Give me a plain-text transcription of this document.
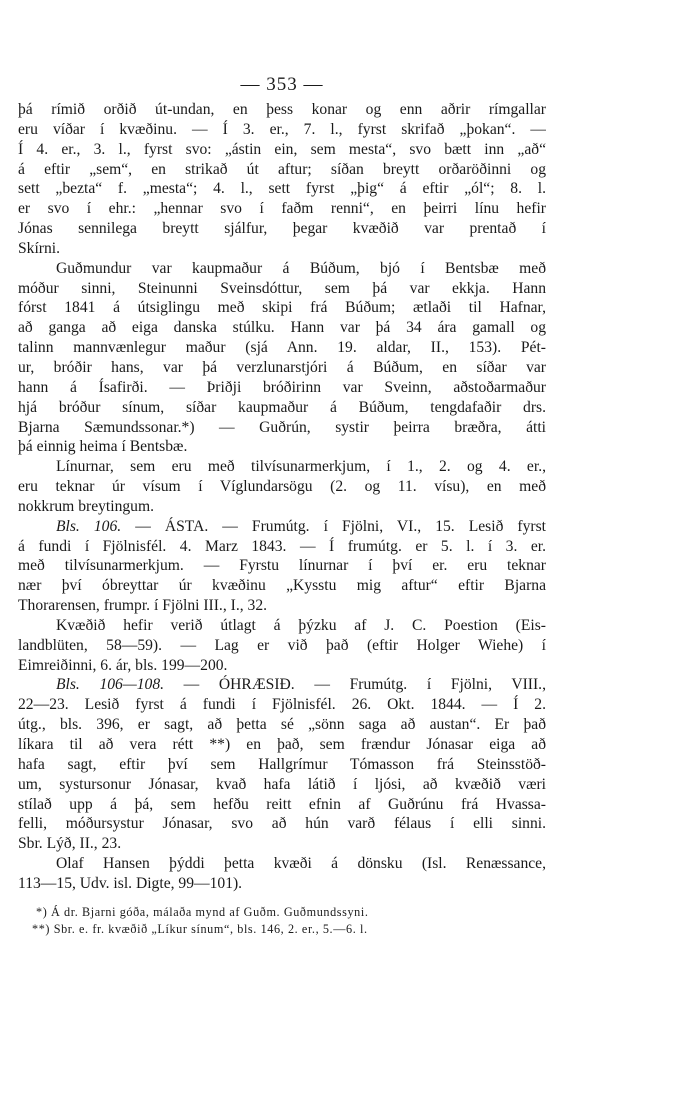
— 353 —
þá rímið orðið út-undan, en þess konar og enn aðrir rímgallar
eru víðar í kvæðinu. — Í 3. er., 7. l., fyrst skrifað „þokan“. —
Í 4. er., 3. l., fyrst svo: „ástin ein, sem mesta“, svo bætt inn „að“
á eftir „sem“, en strikað út aftur; síðan breytt orðaröðinni og
sett „bezta“ f. „mesta“; 4. l., sett fyrst „þig“ á eftir „ól“; 8. l.
er svo í ehr.: „hennar svo í faðm renni“, en þeirri línu hefir
Jónas sennilega breytt sjálfur, þegar kvæðið var prentað í
Skírni.
Guðmundur var kaupmaður á Búðum, bjó í Bentsbæ með
móður sinni, Steinunni Sveinsdóttur, sem þá var ekkja. Hann
fórst 1841 á útsiglingu með skipi frá Búðum; ætlaði til Hafnar,
að ganga að eiga danska stúlku. Hann var þá 34 ára gamall og
talinn mannvænlegur maður (sjá Ann. 19. aldar, II., 153). Pét-
ur, bróðir hans, var þá verzlunarstjóri á Búðum, en síðar var
hann á Ísafirði. — Þriðji bróðirinn var Sveinn, aðstoðarmaður
hjá bróður sínum, síðar kaupmaður á Búðum, tengdafaðir drs.
Bjarna Sæmundssonar.*) — Guðrún, systir þeirra bræðra, átti
þá einnig heima í Bentsbæ.
Línurnar, sem eru með tilvísunarmerkjum, í 1., 2. og 4. er.,
eru teknar úr vísum í Víglundarsögu (2. og 11. vísu), en með
nokkrum breytingum.
Bls. 106. — ÁSTA. — Frumútg. í Fjölni, VI., 15. Lesið fyrst
á fundi í Fjölnisfél. 4. Marz 1843. — Í frumútg. er 5. l. í 3. er.
með tilvísunarmerkjum. — Fyrstu línurnar í því er. eru teknar
nær því óbreyttar úr kvæðinu „Kysstu mig aftur“ eftir Bjarna
Thorarensen, frumpr. í Fjölni III., I., 32.
Kvæðið hefir verið útlagt á þýzku af J. C. Poestion (Eis-
landblüten, 58—59). — Lag er við það (eftir Holger Wiehe) í
Eimreiðinni, 6. ár, bls. 199—200.
Bls. 106—108. — ÓHRÆSIÐ. — Frumútg. í Fjölni, VIII.,
22—23. Lesið fyrst á fundi í Fjölnisfél. 26. Okt. 1844. — Í 2.
útg., bls. 396, er sagt, að þetta sé „sönn saga að austan“. Er það
líkara til að vera rétt **) en það, sem frændur Jónasar eiga að
hafa sagt, eftir því sem Hallgrímur Tómasson frá Steinsstöð-
um, systursonur Jónasar, kvað hafa látið í ljósi, að kvæðið væri
stílað upp á þá, sem hefðu reitt efnin af Guðrúnu frá Hvassa-
felli, móðursystur Jónasar, svo að hún varð félaus í elli sinni.
Sbr. Lýð, II., 23.
Olaf Hansen þýddi þetta kvæði á dönsku (Isl. Renæssance,
113—15, Udv. isl. Digte, 99—101).
*) Á dr. Bjarni góða, málaða mynd af Guðm. Guðmundssyni.
**) Sbr. e. fr. kvæðið „Líkur sínum“, bls. 146, 2. er., 5.—6. l.
